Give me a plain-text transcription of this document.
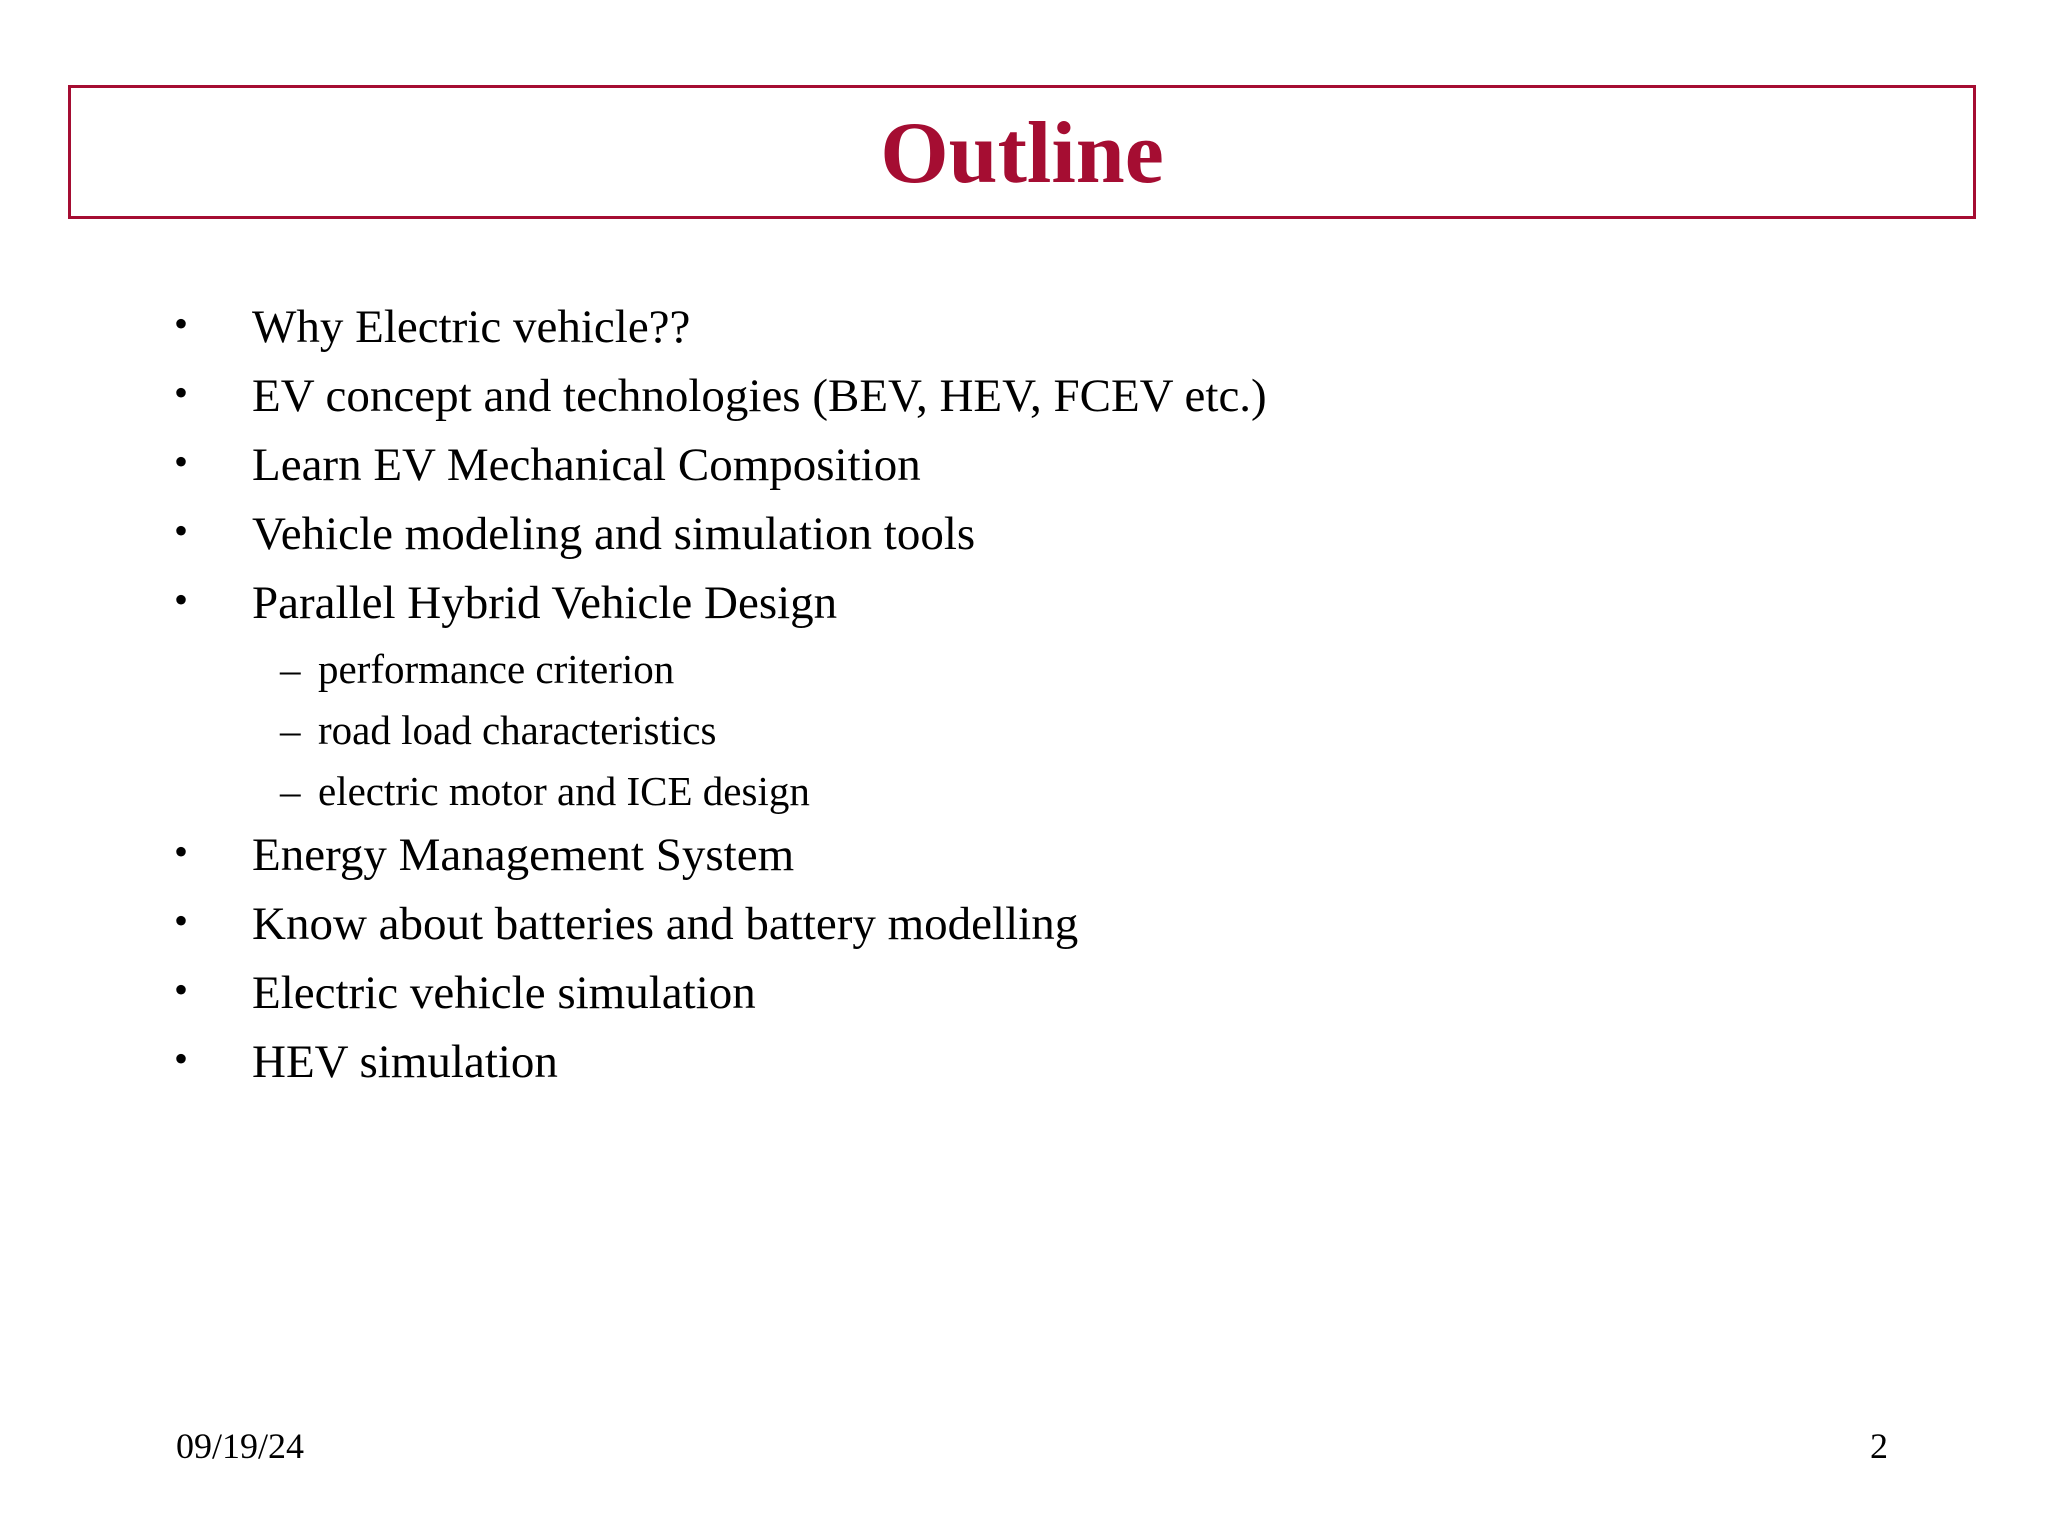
Outline
• Why Electric vehicle??
• EV concept and technologies (BEV, HEV, FCEV etc.)
• Learn EV Mechanical Composition
• Vehicle modeling and simulation tools
• Parallel Hybrid Vehicle Design
– performance criterion
– road load characteristics
– electric motor and ICE design
• Energy Management System
• Know about batteries and battery modelling
• Electric vehicle simulation
• HEV simulation
09/19/24	2
